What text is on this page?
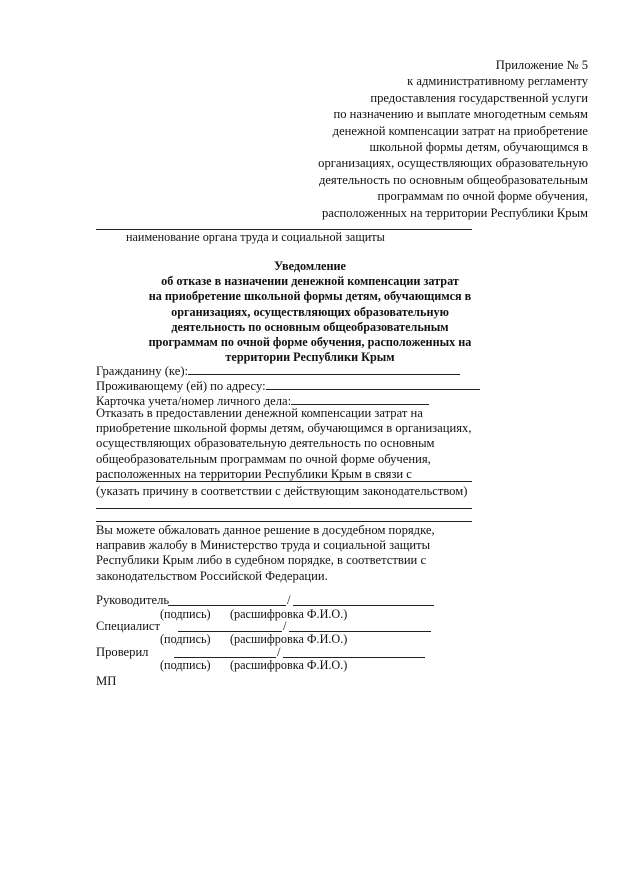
Приложение № 5
к административному регламенту
предоставления государственной услуги
по назначению и выплате многодетным семьям
денежной компенсации затрат на приобретение
школьной формы детям, обучающимся в
организациях, осуществляющих образовательную
деятельность по основным общеобразовательным
программам по очной форме обучения,
расположенных на территории Республики Крым
наименование органа труда и социальной защиты
Уведомление
об отказе в назначении денежной компенсации затрат
на приобретение школьной формы детям, обучающимся в
организациях, осуществляющих образовательную
деятельность по основным общеобразовательным
программам по очной форме обучения, расположенных на
территории Республики Крым
Гражданину (ке):
Проживающему (ей) по адресу:
Карточка учета/номер личного дела:
Отказать в предоставлении денежной компенсации затрат на
приобретение школьной формы детям, обучающимся в организациях,
осуществляющих образовательную деятельность по основным
общеобразовательным программам по очной форме обучения,
расположенных на территории Республики Крым в связи с
(указать причину в соответствии с действующим законодательством)
Вы можете обжаловать данное решение в досудебном порядке,
направив жалобу в Министерство труда и социальной защиты
Республики Крым либо в судебном порядке, в соответствии с
законодательством Российской Федерации.
Руководитель	/
(подпись) (расшифровка Ф.И.О.)
Специалист	/
(подпись) (расшифровка Ф.И.О.)
Проверил	/
(подпись) (расшифровка Ф.И.О.)
МП
